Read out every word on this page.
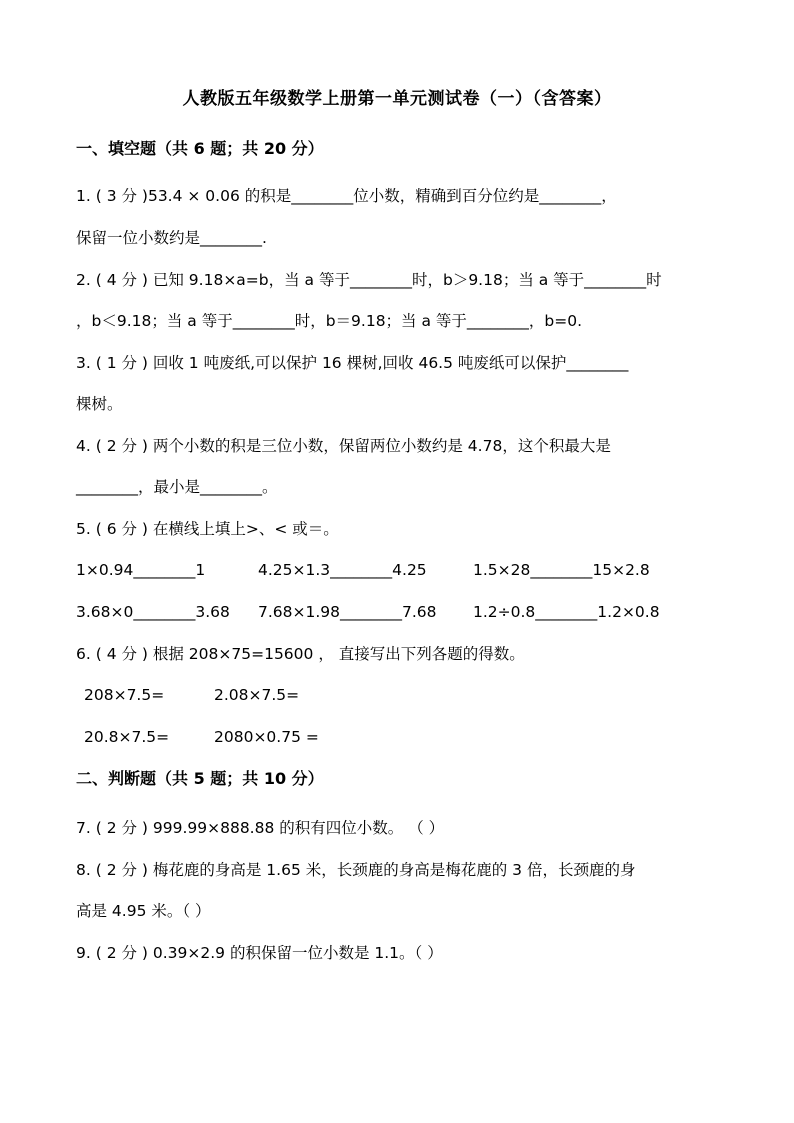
人教版五年级数学上册第一单元测试卷（一）（含答案）
一、填空题（共 6 题；共 20 分）
1. ( 3 分 )53.4 × 0.06 的积是________位小数，精确到百分位约是________，
保留一位小数约是________.
2. ( 4 分 ) 已知 9.18×a=b，当 a 等于________时，b＞9.18；当 a 等于________时
，b＜9.18；当 a 等于________时，b＝9.18；当 a 等于________，b=0.
3. ( 1 分 ) 回收 1 吨废纸,可以保护 16 棵树,回收 46.5 吨废纸可以保护________
棵树。
4. ( 2 分 ) 两个小数的积是三位小数，保留两位小数约是 4.78，这个积最大是
________，最小是________。
5. ( 6 分 ) 在横线上填上>、< 或＝。
1×0.94________1	4.25×1.3________4.25	1.5×28________15×2.8
3.68×0________3.68 7.68×1.98________7.68 1.2÷0.8________1.2×0.8
6. ( 4 分 ) 根据 208×75=15600 ， 直接写出下列各题的得数。
208×7.5=	2.08×7.5=
20.8×7.5=	2080×0.75 =
二、判断题（共 5 题；共 10 分）
7. ( 2 分 ) 999.99×888.88 的积有四位小数。 （ ）
8. ( 2 分 ) 梅花鹿的身高是 1.65 米，长颈鹿的身高是梅花鹿的 3 倍，长颈鹿的身
高是 4.95 米。（ ）
9. ( 2 分 ) 0.39×2.9 的积保留一位小数是 1.1。（ ）
